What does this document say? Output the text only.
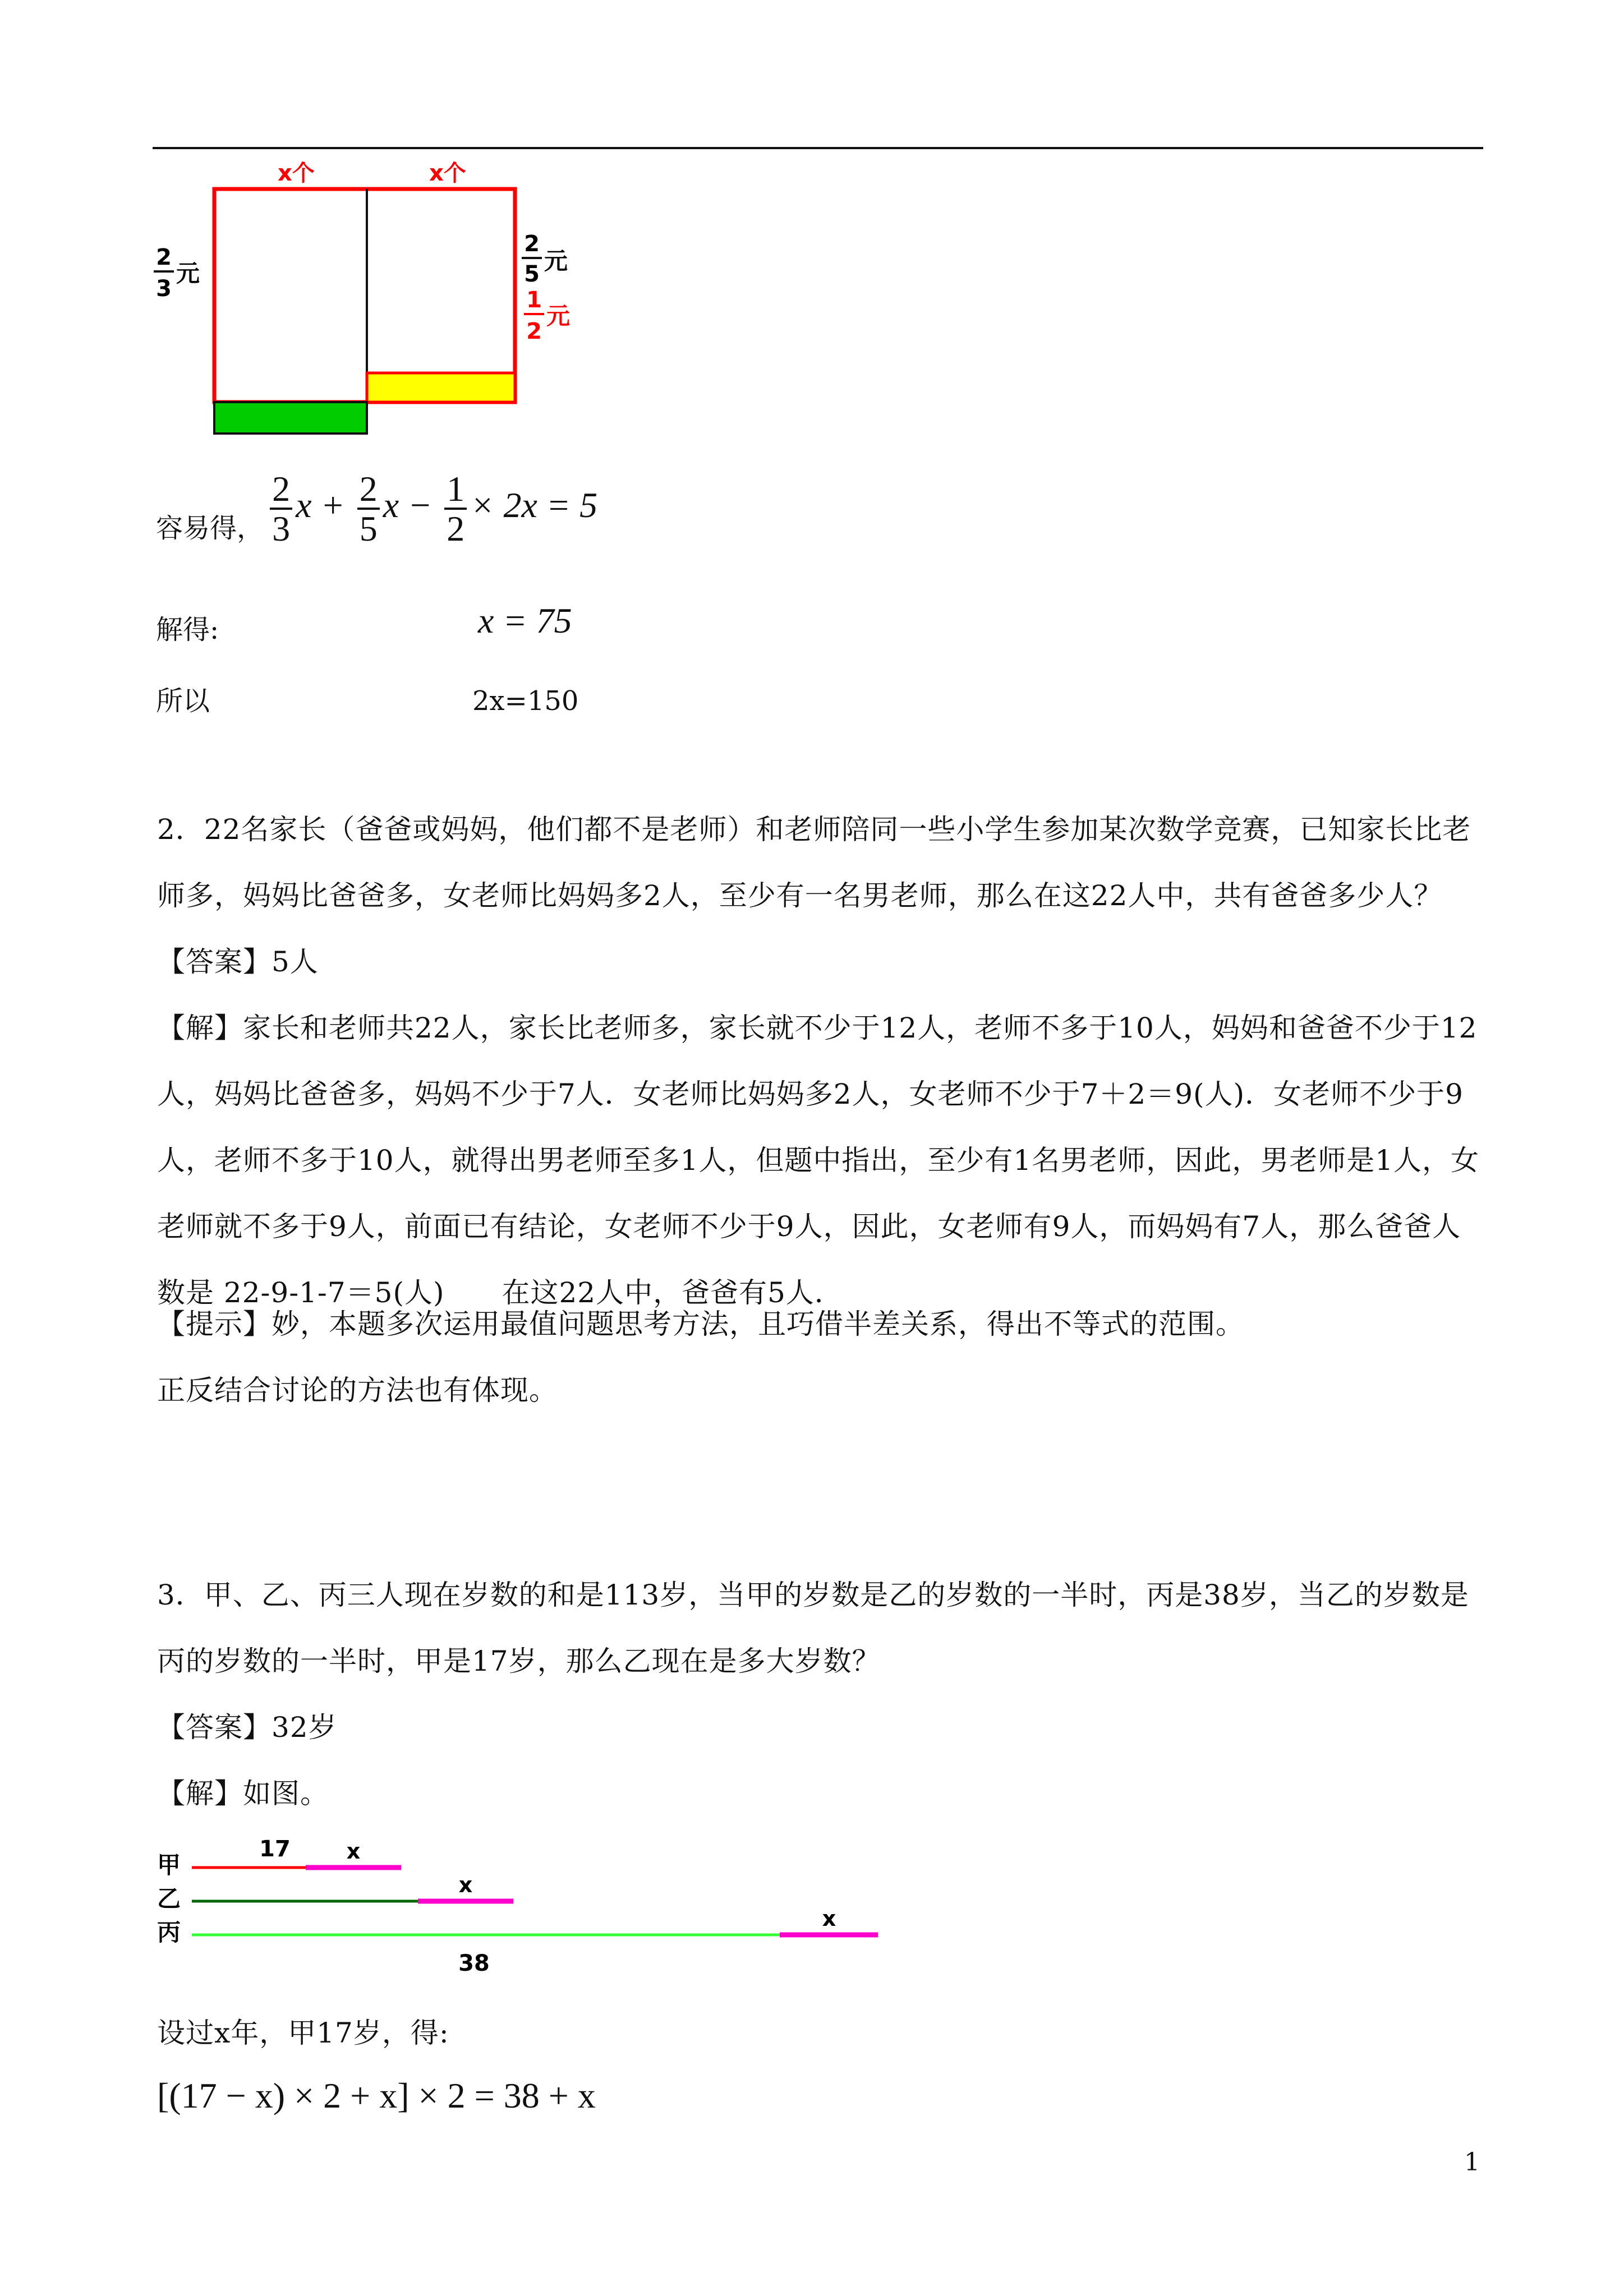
x个	x个
2
3
元
2
5 元
1
2
元
容易得， $\frac{2}{3}$ $x + \frac{2}{5}$ $x - \frac{1}{2} \times 2x = 5$
解得:	x = 75
所以	2x=150
2．22名家长（爸爸或妈妈，他们都不是老师）和老师陪同一些小学生参加某次数学竞赛，已知家长比老师多，妈妈比爸爸多，女老师比妈妈多2人，至少有一名男老师，那么在这22人中，共有爸爸多少人？
【答案】5人
【解】家长和老师共22人，家长比老师多，家长就不少于12人，老师不多于10人，妈妈和爸爸不少于12人，妈妈比爸爸多，妈妈不少于7人．女老师比妈妈多2人，女老师不少于7＋2＝9(人)．女老师不少于9人，老师不多于10人，就得出男老师至多1人，但题中指出，至少有1名男老师，因此，男老师是1人，女老师就不多于9人，前面已有结论，女老师不少于9人，因此，女老师有9人，而妈妈有7人，那么爸爸人数是 22-9-1-7＝5(人)　　在这22人中，爸爸有5人．
【提示】妙，本题多次运用最值问题思考方法，且巧借半差关系，得出不等式的范围。
正反结合讨论的方法也有体现。
3．甲、乙、丙三人现在岁数的和是113岁，当甲的岁数是乙的岁数的一半时，丙是38岁，当乙的岁数是丙的岁数的一半时，甲是17岁，那么乙现在是多大岁数？
【答案】32岁
【解】如图。
甲
乙
丙
17	x
x
x
38
设过x年，甲17岁，得:
[(17 − x) × 2 + x] × 2 = 38 + x
1
